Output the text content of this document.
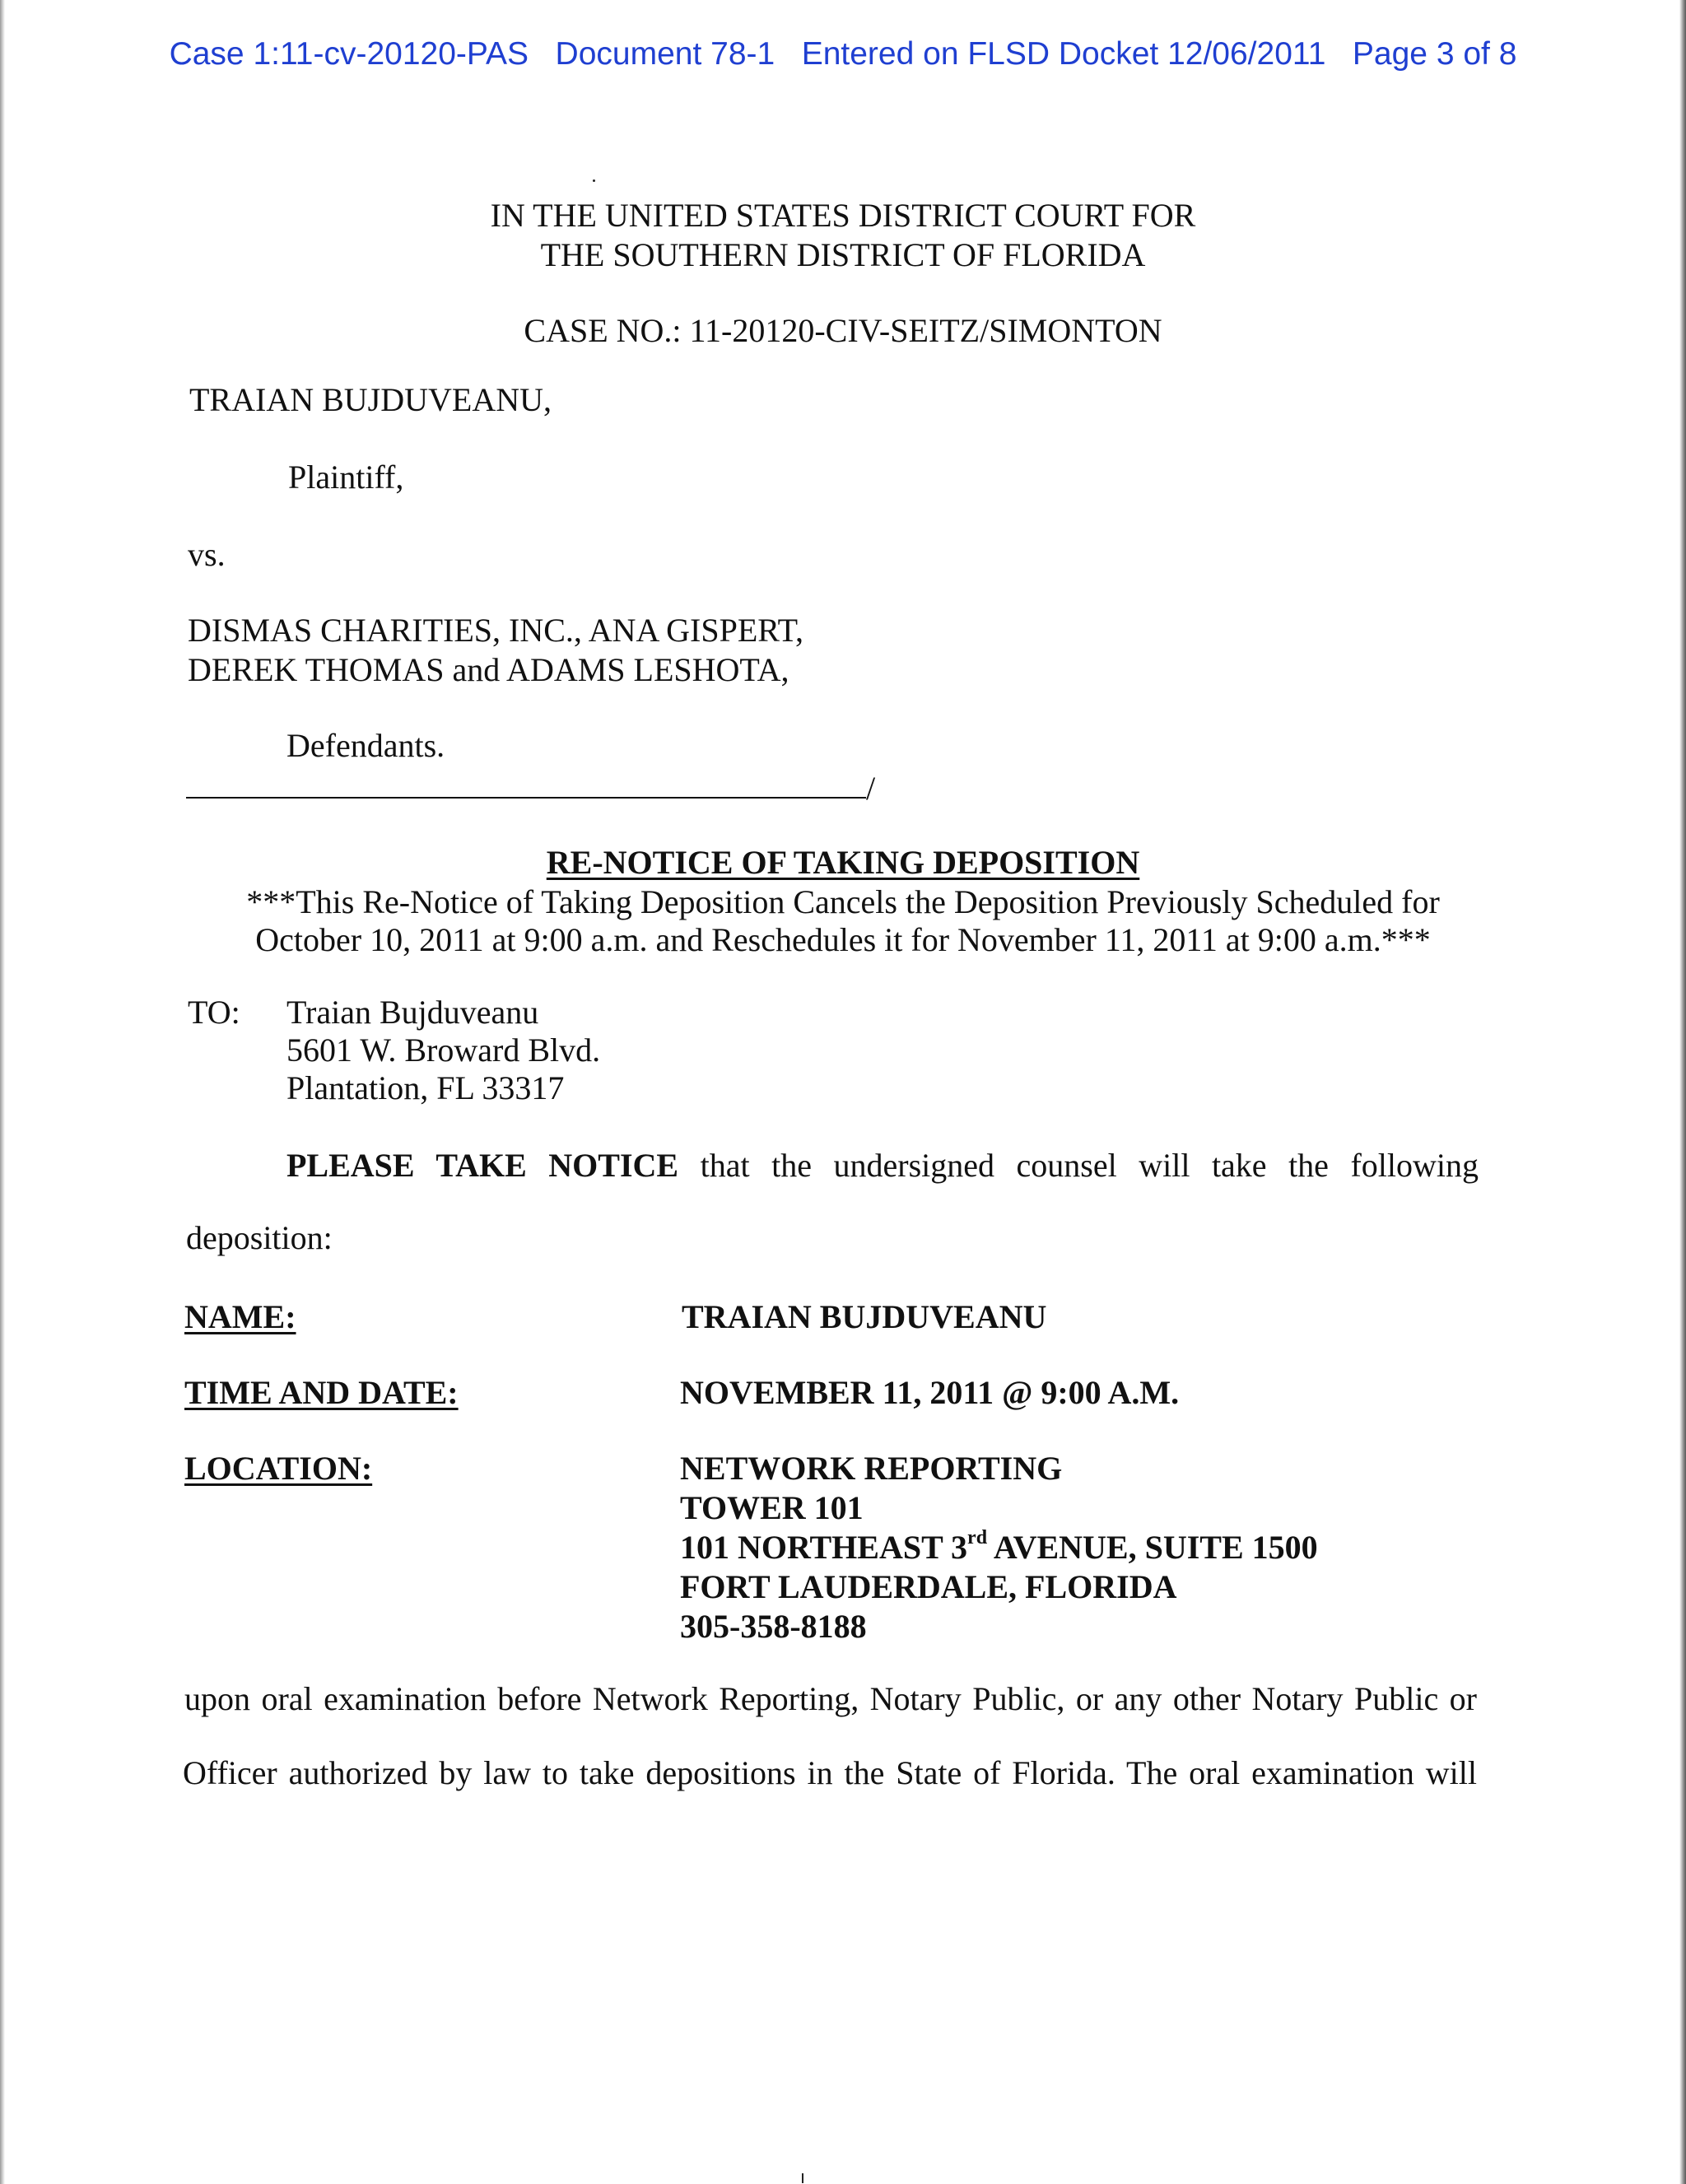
Case 1:11-cv-20120-PAS Document 78-1 Entered on FLSD Docket 12/06/2011 Page 3 of 8
IN THE UNITED STATES DISTRICT COURT FOR
THE SOUTHERN DISTRICT OF FLORIDA
CASE NO.: 11-20120-CIV-SEITZ/SIMONTON
TRAIAN BUJDUVEANU,
Plaintiff,
vs.
DISMAS CHARITIES, INC., ANA GISPERT,
DEREK THOMAS and ADAMS LESHOTA,
Defendants.
/
RE-NOTICE OF TAKING DEPOSITION
***This Re-Notice of Taking Deposition Cancels the Deposition Previously Scheduled for
October 10, 2011 at 9:00 a.m. and Reschedules it for November 11, 2011 at 9:00 a.m.***
TO: Traian Bujduveanu
5601 W. Broward Blvd.
Plantation, FL 33317
PLEASE TAKE NOTICE that the undersigned counsel will take the following
deposition:
NAME:	TRAIAN BUJDUVEANU
TIME AND DATE:	NOVEMBER 11, 2011 @ 9:00 A.M.
LOCATION:	NETWORK REPORTING
TOWER 101
101 NORTHEAST 3rd AVENUE, SUITE 1500
FORT LAUDERDALE, FLORIDA
305-358-8188
upon oral examination before Network Reporting, Notary Public, or any other Notary Public or
Officer authorized by law to take depositions in the State of Florida. The oral examination will
